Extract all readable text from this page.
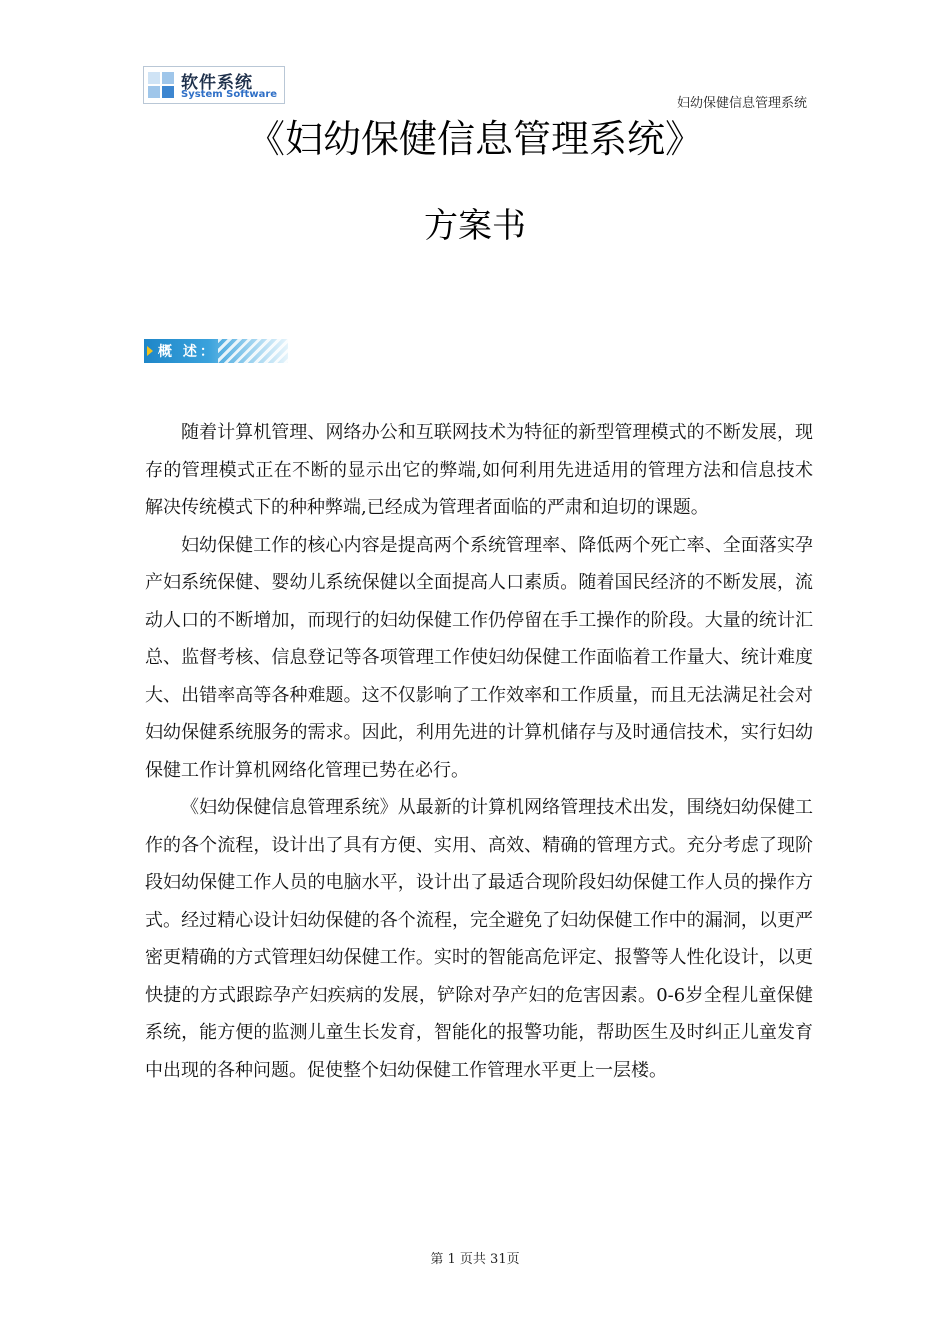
软件系统
System Software
妇幼保健信息管理系统
《妇幼保健信息管理系统》
方案书
概 述：

随着计算机管理、网络办公和互联网技术为特征的新型管理模式的不断发展，现存的管理模式正在不断的显示出它的弊端,如何利用先进适用的管理方法和信息技术解决传统模式下的种种弊端,已经成为管理者面临的严肃和迫切的课题。

妇幼保健工作的核心内容是提高两个系统管理率、降低两个死亡率、全面落实孕产妇系统保健、婴幼儿系统保健以全面提高人口素质。随着国民经济的不断发展，流动人口的不断增加，而现行的妇幼保健工作仍停留在手工操作的阶段。大量的统计汇总、监督考核、信息登记等各项管理工作使妇幼保健工作面临着工作量大、统计难度大、出错率高等各种难题。这不仅影响了工作效率和工作质量，而且无法满足社会对妇幼保健系统服务的需求。因此，利用先进的计算机储存与及时通信技术，实行妇幼保健工作计算机网络化管理已势在必行。

《妇幼保健信息管理系统》从最新的计算机网络管理技术出发，围绕妇幼保健工作的各个流程，设计出了具有方便、实用、高效、精确的管理方式。充分考虑了现阶段妇幼保健工作人员的电脑水平，设计出了最适合现阶段妇幼保健工作人员的操作方式。经过精心设计妇幼保健的各个流程，完全避免了妇幼保健工作中的漏洞，以更严密更精确的方式管理妇幼保健工作。实时的智能高危评定、报警等人性化设计，以更快捷的方式跟踪孕产妇疾病的发展，铲除对孕产妇的危害因素。0-6岁全程儿童保健系统，能方便的监测儿童生长发育，智能化的报警功能，帮助医生及时纠正儿童发育中出现的各种问题。促使整个妇幼保健工作管理水平更上一层楼。

第 1 页共 31页
